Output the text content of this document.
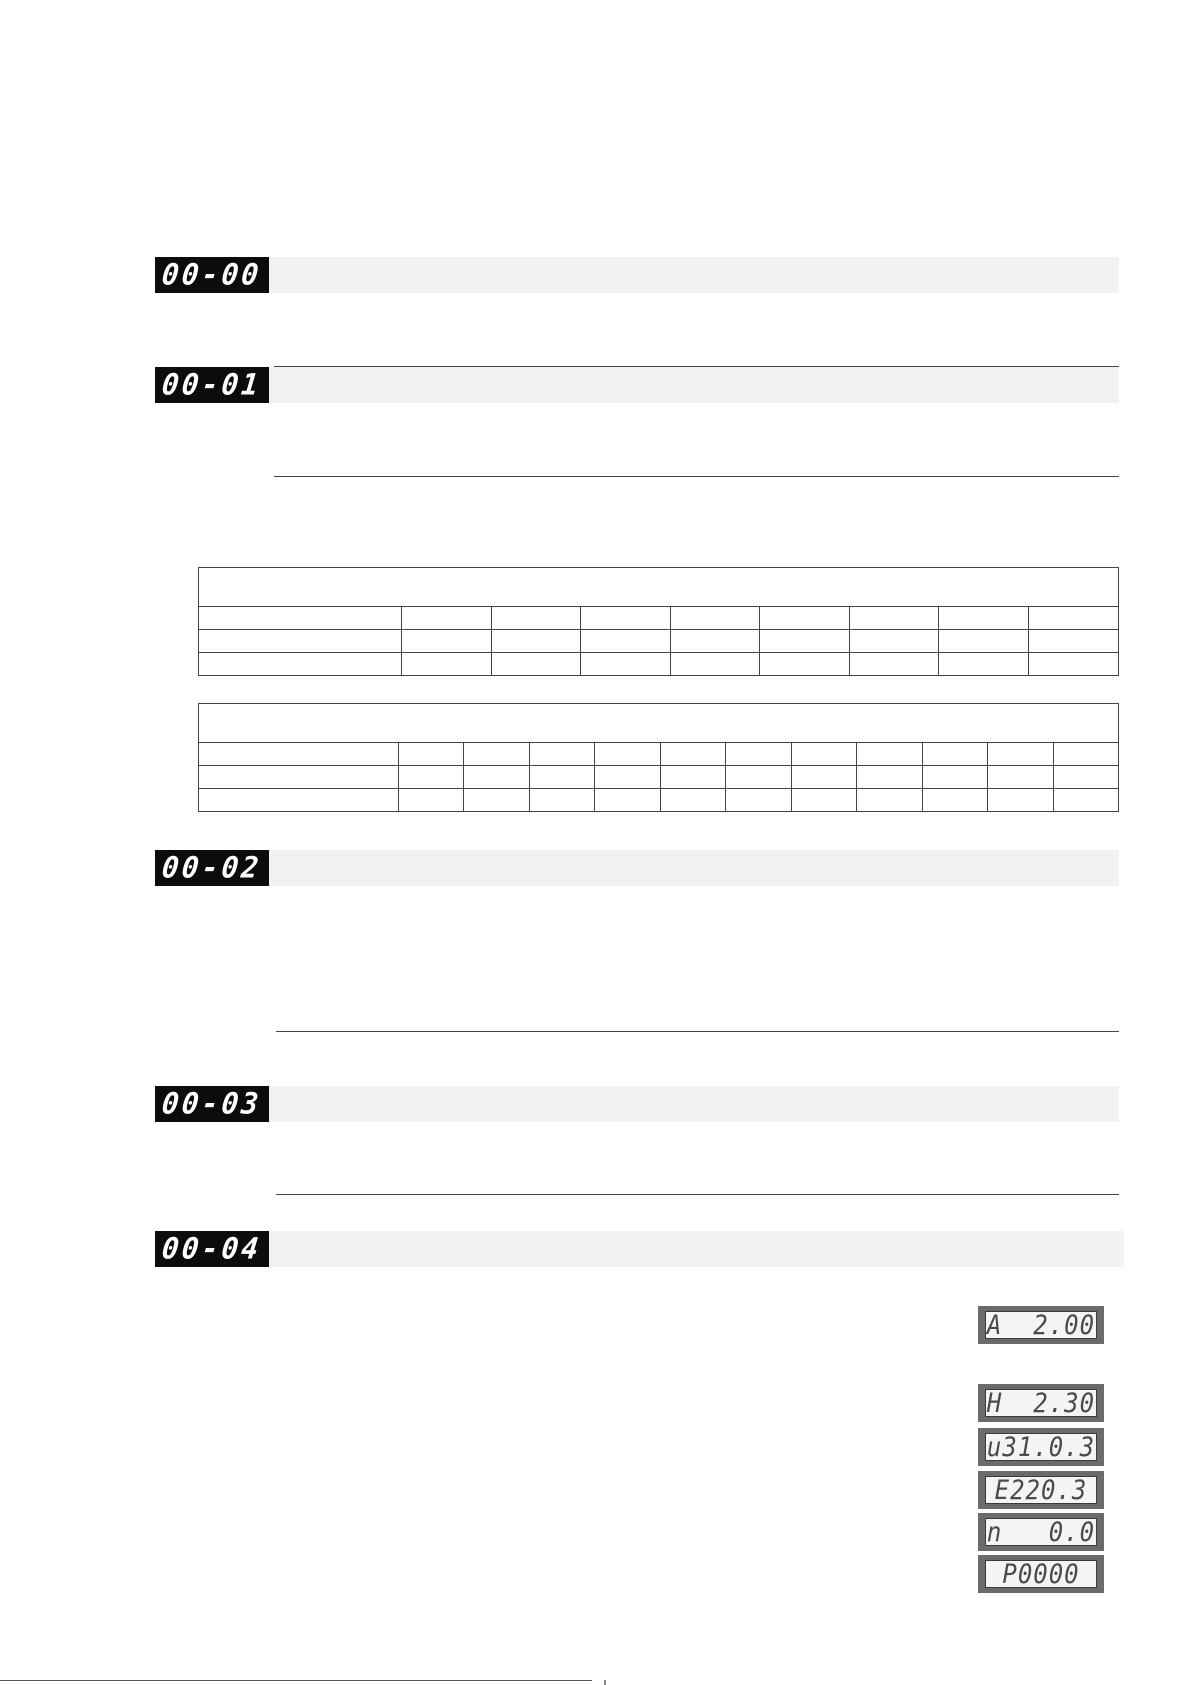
00-00
00-01

00-02
00-03
00-04
A  2.00
H  2.30
u31.0.3
E220.3
n   0.0
P0000
